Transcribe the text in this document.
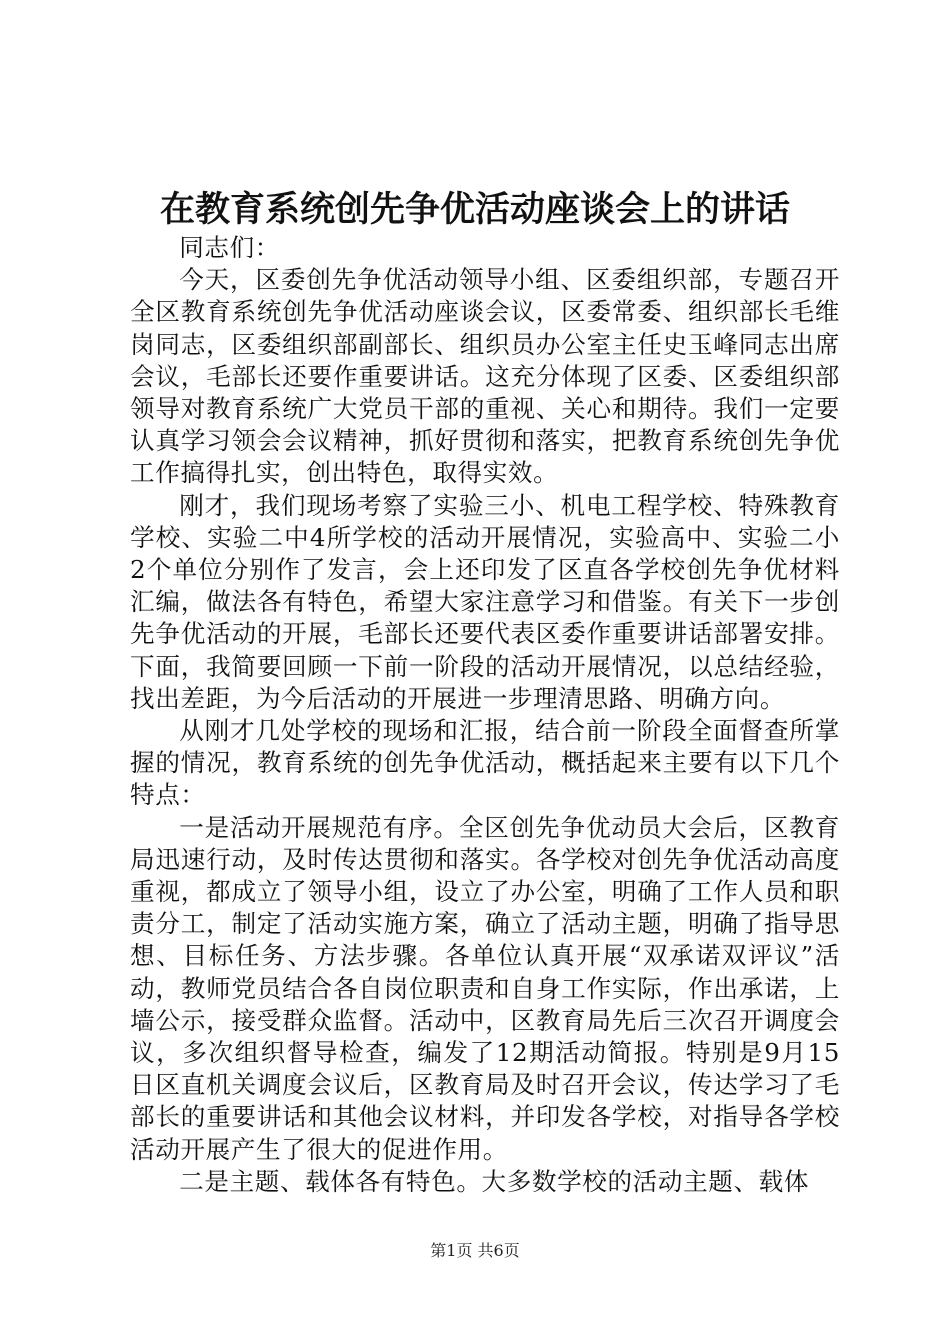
在教育系统创先争优活动座谈会上的讲话

同志们：

今天，区委创先争优活动领导小组、区委组织部，专题召开全区教育系统创先争优活动座谈会议，区委常委、组织部长毛维岗同志，区委组织部副部长、组织员办公室主任史玉峰同志出席会议，毛部长还要作重要讲话。这充分体现了区委、区委组织部领导对教育系统广大党员干部的重视、关心和期待。我们一定要认真学习领会会议精神，抓好贯彻和落实，把教育系统创先争优工作搞得扎实，创出特色，取得实效。

刚才，我们现场考察了实验三小、机电工程学校、特殊教育学校、实验二中4所学校的活动开展情况，实验高中、实验二小2个单位分别作了发言，会上还印发了区直各学校创先争优材料汇编，做法各有特色，希望大家注意学习和借鉴。有关下一步创先争优活动的开展，毛部长还要代表区委作重要讲话部署安排。下面，我简要回顾一下前一阶段的活动开展情况，以总结经验，找出差距，为今后活动的开展进一步理清思路、明确方向。

从刚才几处学校的现场和汇报，结合前一阶段全面督查所掌握的情况，教育系统的创先争优活动，概括起来主要有以下几个特点：

一是活动开展规范有序。全区创先争优动员大会后，区教育局迅速行动，及时传达贯彻和落实。各学校对创先争优活动高度重视，都成立了领导小组，设立了办公室，明确了工作人员和职责分工，制定了活动实施方案，确立了活动主题，明确了指导思想、目标任务、方法步骤。各单位认真开展“双承诺双评议”活动，教师党员结合各自岗位职责和自身工作实际，作出承诺，上墙公示，接受群众监督。活动中，区教育局先后三次召开调度会议，多次组织督导检查，编发了12期活动简报。特别是9月15日区直机关调度会议后，区教育局及时召开会议，传达学习了毛部长的重要讲话和其他会议材料，并印发各学校，对指导各学校活动开展产生了很大的促进作用。

二是主题、载体各有特色。大多数学校的活动主题、载体

第1页 共6页
